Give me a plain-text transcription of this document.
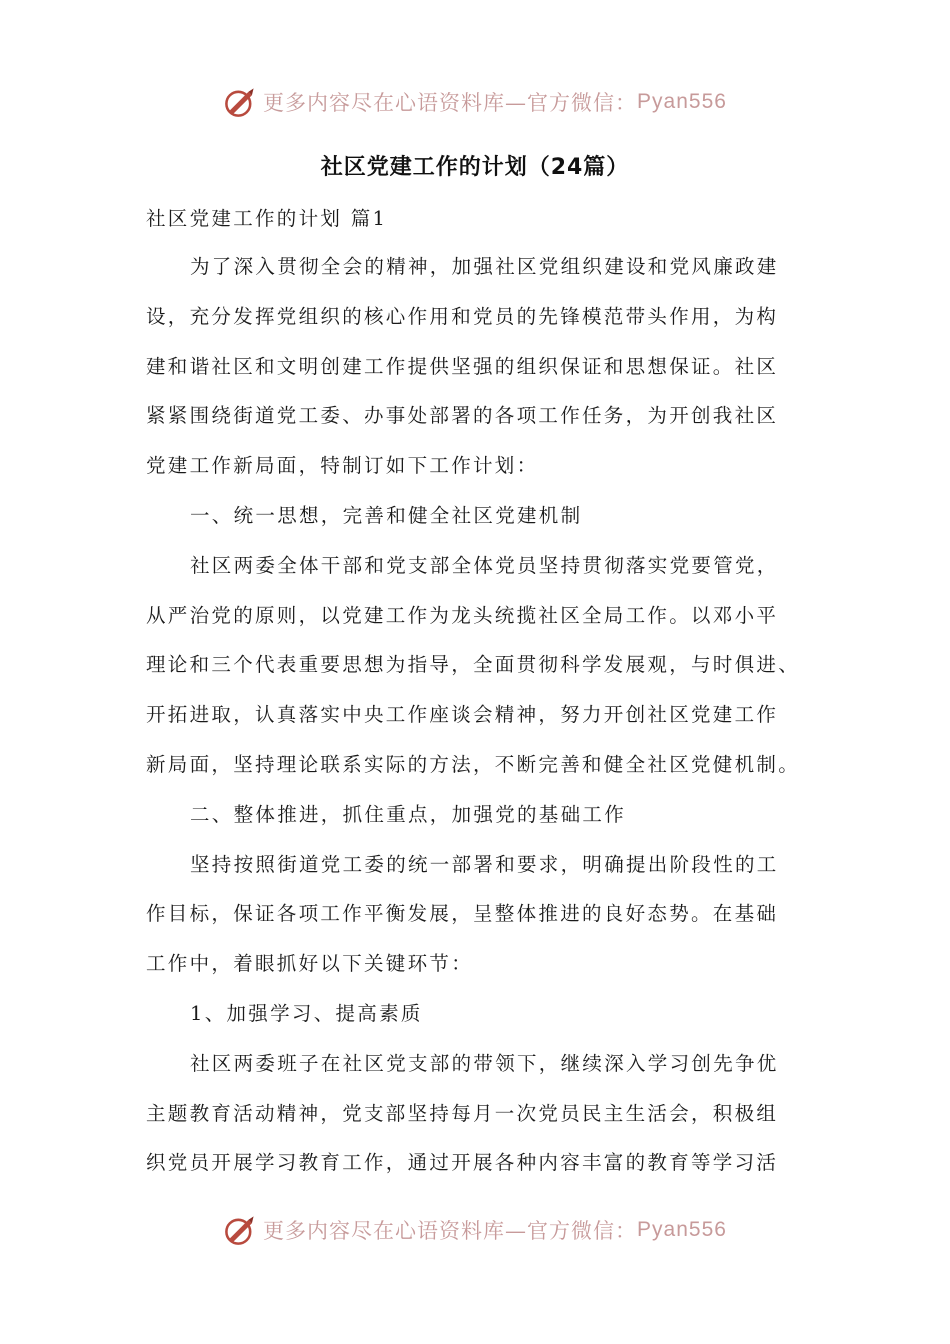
更多内容尽在心语资料库—官方微信： Pyan556
社区党建工作的计划（24篇）
社区党建工作的计划 篇1
为了深入贯彻全会的精神，加强社区党组织建设和党风廉政建
设，充分发挥党组织的核心作用和党员的先锋模范带头作用，为构
建和谐社区和文明创建工作提供坚强的组织保证和思想保证。社区
紧紧围绕街道党工委、办事处部署的各项工作任务，为开创我社区
党建工作新局面，特制订如下工作计划：
一、统一思想，完善和健全社区党建机制
社区两委全体干部和党支部全体党员坚持贯彻落实党要管党，
从严治党的原则，以党建工作为龙头统揽社区全局工作。以邓小平
理论和三个代表重要思想为指导，全面贯彻科学发展观，与时俱进、
开拓进取，认真落实中央工作座谈会精神，努力开创社区党建工作
新局面，坚持理论联系实际的方法，不断完善和健全社区党健机制。
二、整体推进，抓住重点，加强党的基础工作
坚持按照街道党工委的统一部署和要求，明确提出阶段性的工
作目标，保证各项工作平衡发展，呈整体推进的良好态势。在基础
工作中，着眼抓好以下关键环节：
1、加强学习、提高素质
社区两委班子在社区党支部的带领下，继续深入学习创先争优
主题教育活动精神，党支部坚持每月一次党员民主生活会，积极组
织党员开展学习教育工作，通过开展各种内容丰富的教育等学习活
更多内容尽在心语资料库—官方微信： Pyan556
